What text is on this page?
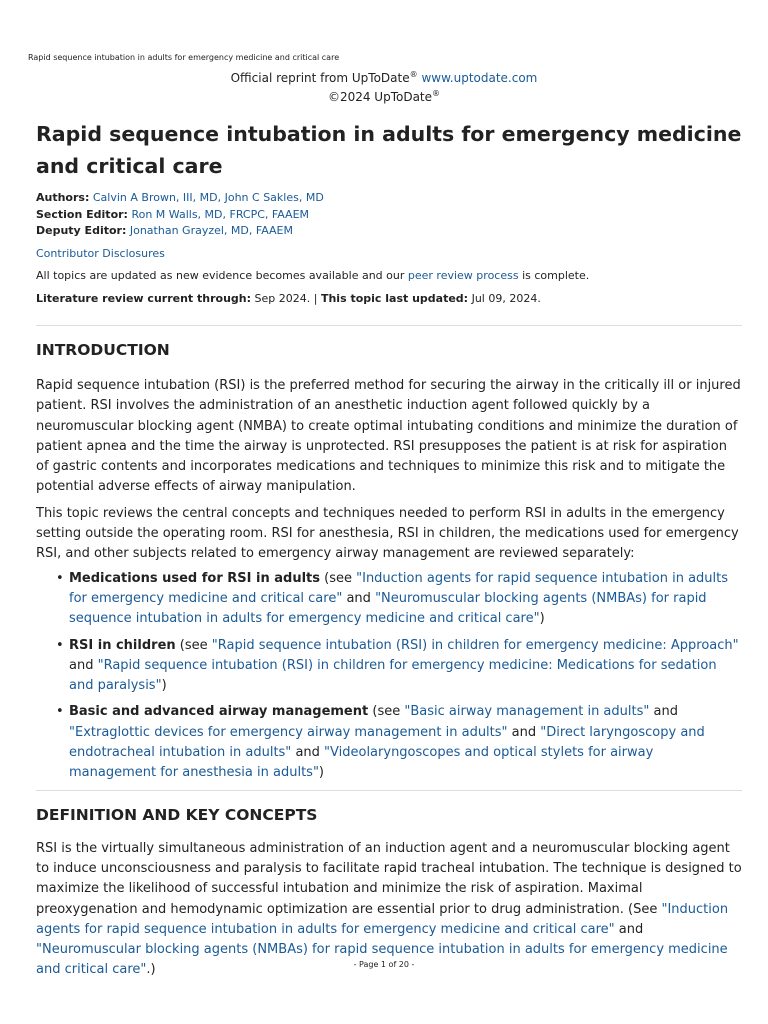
Rapid sequence intubation in adults for emergency medicine and critical care
Official reprint from UpToDate® www.uptodate.com
©2024 UpToDate®
Rapid sequence intubation in adults for emergency medicine and critical care
Authors: Calvin A Brown, III, MD, John C Sakles, MD
Section Editor: Ron M Walls, MD, FRCPC, FAAEM
Deputy Editor: Jonathan Grayzel, MD, FAAEM
Contributor Disclosures
All topics are updated as new evidence becomes available and our peer review process is complete.
Literature review current through: Sep 2024. | This topic last updated: Jul 09, 2024.
INTRODUCTION

Rapid sequence intubation (RSI) is the preferred method for securing the airway in the critically ill or injured patient. RSI involves the administration of an anesthetic induction agent followed quickly by a neuromuscular blocking agent (NMBA) to create optimal intubating conditions and minimize the duration of patient apnea and the time the airway is unprotected. RSI presupposes the patient is at risk for aspiration of gastric contents and incorporates medications and techniques to minimize this risk and to mitigate the potential adverse effects of airway manipulation.

This topic reviews the central concepts and techniques needed to perform RSI in adults in the emergency setting outside the operating room. RSI for anesthesia, RSI in children, the medications used for emergency RSI, and other subjects related to emergency airway management are reviewed separately:

• Medications used for RSI in adults (see "Induction agents for rapid sequence intubation in adults for emergency medicine and critical care" and "Neuromuscular blocking agents (NMBAs) for rapid sequence intubation in adults for emergency medicine and critical care")
• RSI in children (see "Rapid sequence intubation (RSI) in children for emergency medicine: Approach" and "Rapid sequence intubation (RSI) in children for emergency medicine: Medications for sedation and paralysis")
• Basic and advanced airway management (see "Basic airway management in adults" and "Extraglottic devices for emergency airway management in adults" and "Direct laryngoscopy and endotracheal intubation in adults" and "Videolaryngoscopes and optical stylets for airway management for anesthesia in adults")
DEFINITION AND KEY CONCEPTS

RSI is the virtually simultaneous administration of an induction agent and a neuromuscular blocking agent to induce unconsciousness and paralysis to facilitate rapid tracheal intubation. The technique is designed to maximize the likelihood of successful intubation and minimize the risk of aspiration. Maximal preoxygenation and hemodynamic optimization are essential prior to drug administration. (See "Induction agents for rapid sequence intubation in adults for emergency medicine and critical care" and "Neuromuscular blocking agents (NMBAs) for rapid sequence intubation in adults for emergency medicine and critical care".)	- Page 1 of 20 -
